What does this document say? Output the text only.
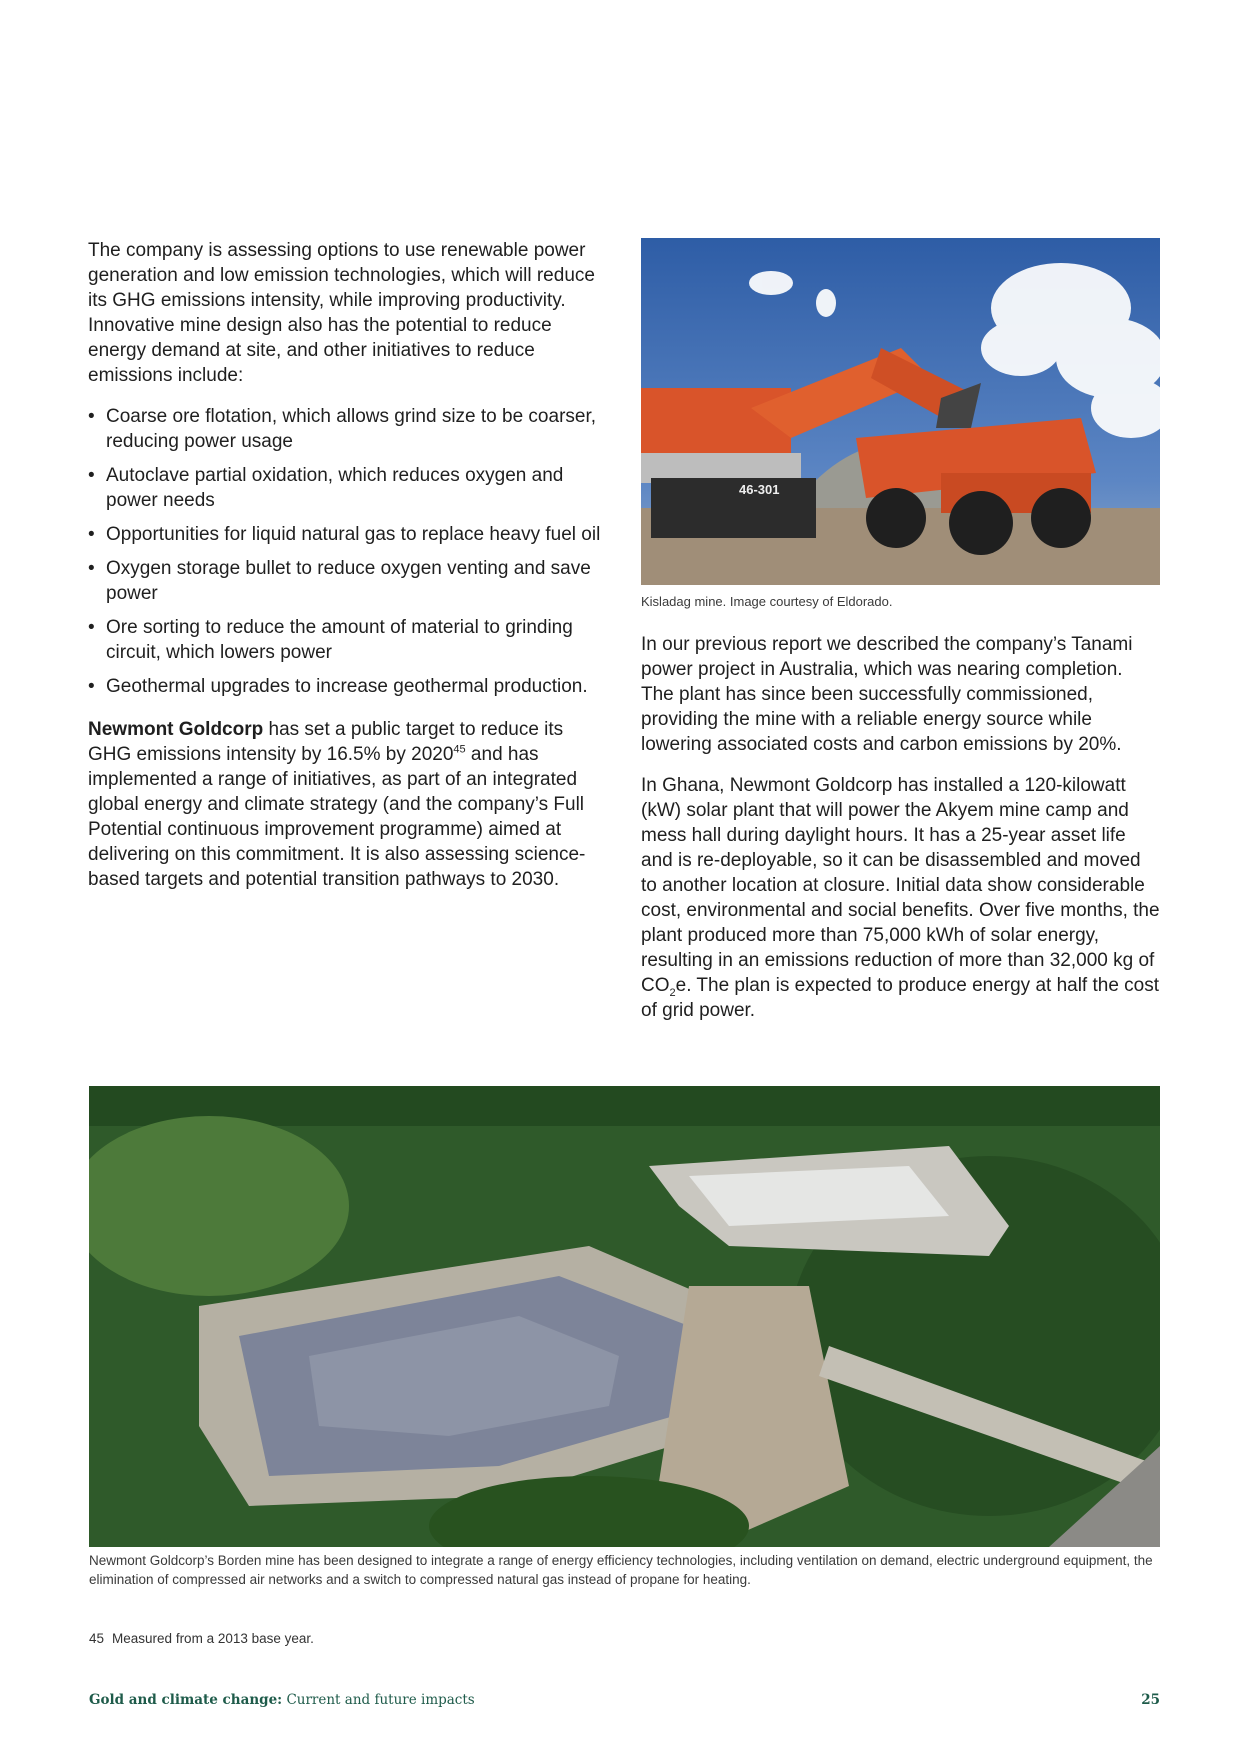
The company is assessing options to use renewable power generation and low emission technologies, which will reduce its GHG emissions intensity, while improving productivity. Innovative mine design also has the potential to reduce energy demand at site, and other initiatives to reduce emissions include:

• Coarse ore flotation, which allows grind size to be coarser, reducing power usage
• Autoclave partial oxidation, which reduces oxygen and power needs
• Opportunities for liquid natural gas to replace heavy fuel oil
• Oxygen storage bullet to reduce oxygen venting and save power
• Ore sorting to reduce the amount of material to grinding circuit, which lowers power
• Geothermal upgrades to increase geothermal production.

Newmont Goldcorp has set a public target to reduce its GHG emissions intensity by 16.5% by 2020$^{45}$ and has implemented a range of initiatives, as part of an integrated global energy and climate strategy (and the company’s Full Potential continuous improvement programme) aimed at delivering on this commitment. It is also assessing science-based targets and potential transition pathways to 2030.

46-301
Kisladag mine. Image courtesy of Eldorado.

In our previous report we described the company’s Tanami power project in Australia, which was nearing completion. The plant has since been successfully commissioned, providing the mine with a reliable energy source while lowering associated costs and carbon emissions by 20%.

In Ghana, Newmont Goldcorp has installed a 120-kilowatt (kW) solar plant that will power the Akyem mine camp and mess hall during daylight hours. It has a 25-year asset life and is re-deployable, so it can be disassembled and moved to another location at closure. Initial data show considerable cost, environmental and social benefits. Over five months, the plant produced more than 75,000 kWh of solar energy, resulting in an emissions reduction of more than 32,000 kg of $CO_2e$. The plan is expected to produce energy at half the cost of grid power.

Newmont Goldcorp’s Borden mine has been designed to integrate a range of energy efficiency technologies, including ventilation on demand, electric underground equipment, the elimination of compressed air networks and a switch to compressed natural gas instead of propane for heating.
45 Measured from a 2013 base year.
Gold and climate change: Current and future impacts	25
